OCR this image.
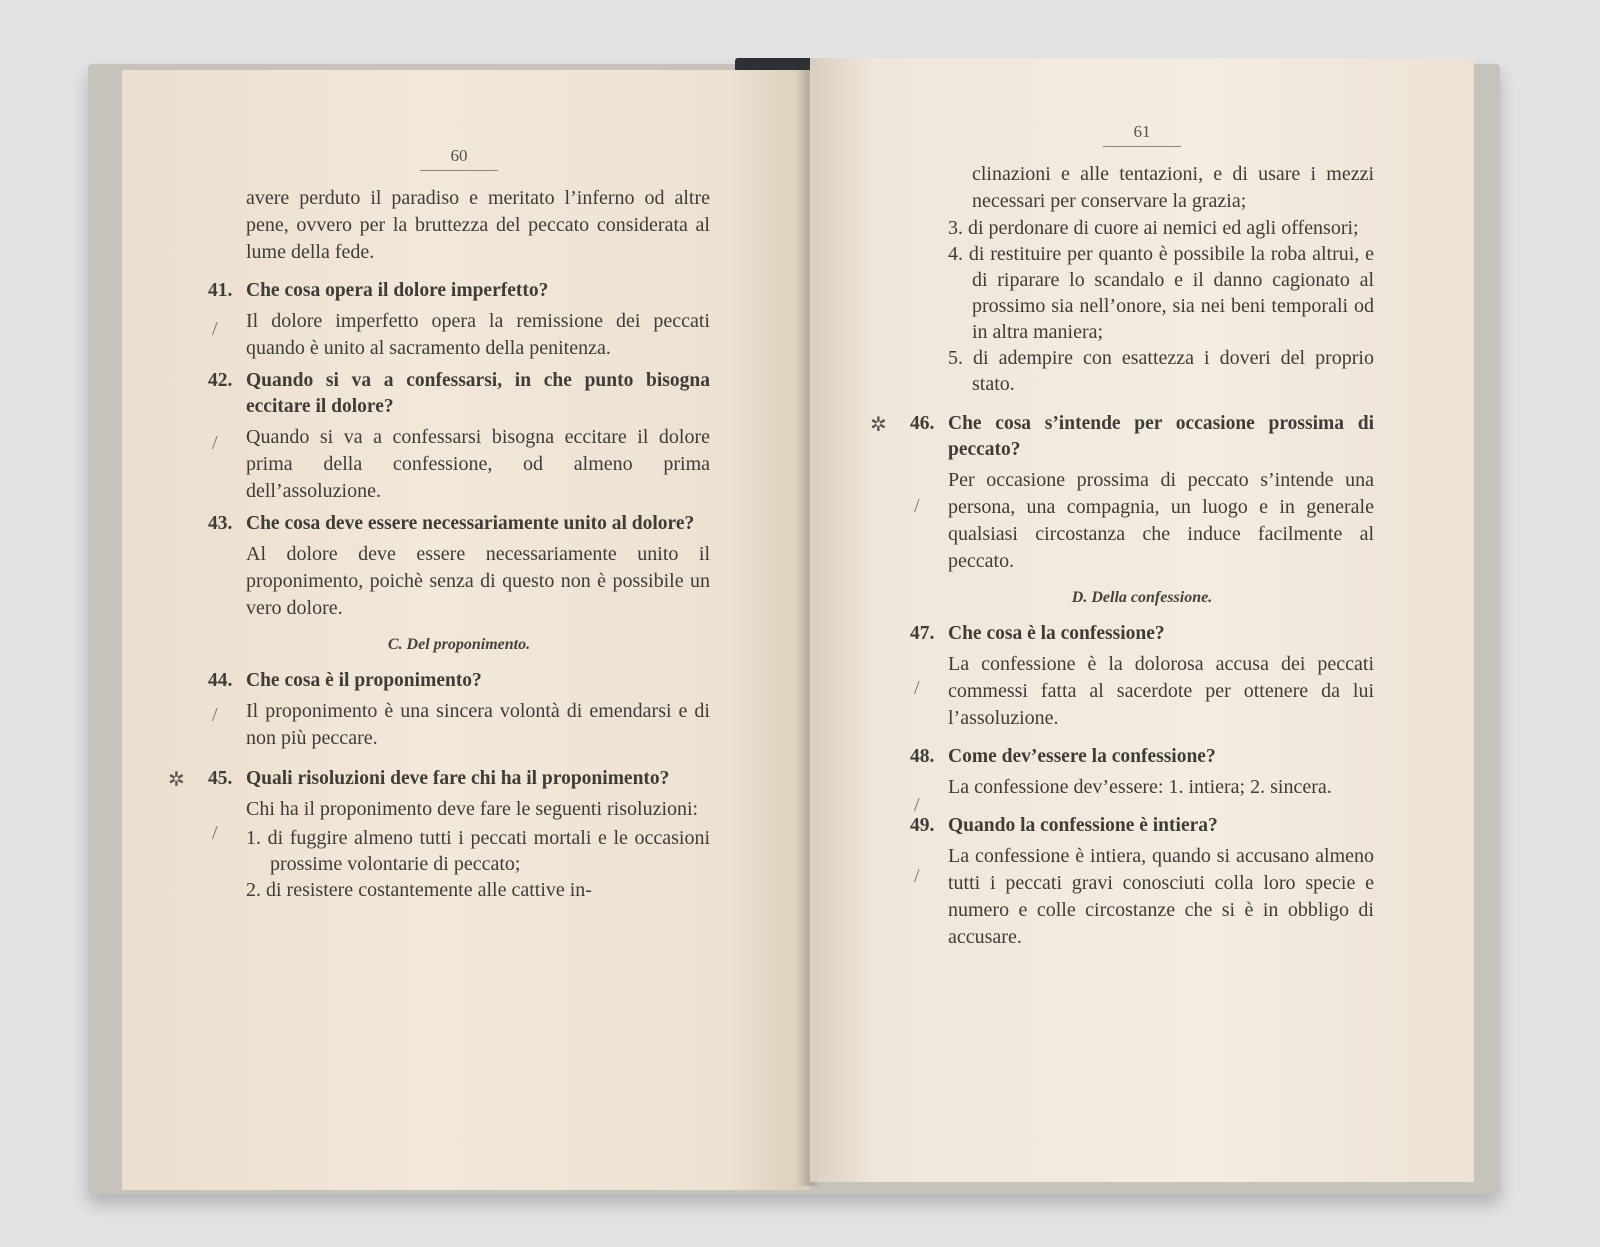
60

avere perduto il paradiso e meritato l’inferno od altre pene, ovvero per la bruttezza del peccato considerata al lume della fede.

41. Che cosa opera il dolore imperfetto?
/	Il dolore imperfetto opera la remissione dei peccati quando è unito al sacramento della penitenza.

42. Quando si va a confessarsi, in che punto bisogna eccitare il dolore?
/	Quando si va a confessarsi bisogna eccitare il dolore prima della confessione, od almeno prima dell’assoluzione.

43. Che cosa deve essere necessariamente unito al dolore?

Al dolore deve essere necessariamente unito il proponimento, poichè senza di questo non è possibile un vero dolore.

C. Del proponimento.
44. Che cosa è il proponimento?
/	Il proponimento è una sincera volontà di emendarsi e di non più peccare.

✲ 45. Quali risoluzioni deve fare chi ha il proponimento?
/

Chi ha il proponimento deve fare le seguenti risoluzioni:

1. di fuggire almeno tutti i peccati mortali e le occasioni prossime volontarie di peccato;
2. di resistere costantemente alle cattive in-
61

clinazioni e alle tentazioni, e di usare i mezzi necessari per conservare la grazia;

3. di perdonare di cuore ai nemici ed agli offensori;
4. di restituire per quanto è possibile la roba altrui, e di riparare lo scandalo e il danno cagionato al prossimo sia nell’onore, sia nei beni temporali od in altra maniera;
5. di adempire con esattezza i doveri del proprio stato.
✲ 46. Che cosa s’intende per occasione prossima di peccato?
/

Per occasione prossima di peccato s’intende una persona, una compagnia, un luogo e in generale qualsiasi circostanza che induce facilmente al peccato.

D. Della confessione.
47. Che cosa è la confessione?
/

La confessione è la dolorosa accusa dei peccati commessi fatta al sacerdote per ottenere da lui l’assoluzione.

48. Come dev’essere la confessione?
/

La confessione dev’essere: 1. intiera; 2. sincera.

49. Quando la confessione è intiera?
/

La confessione è intiera, quando si accusano almeno tutti i peccati gravi conosciuti colla loro specie e numero e colle circostanze che si è in obbligo di accusare.
